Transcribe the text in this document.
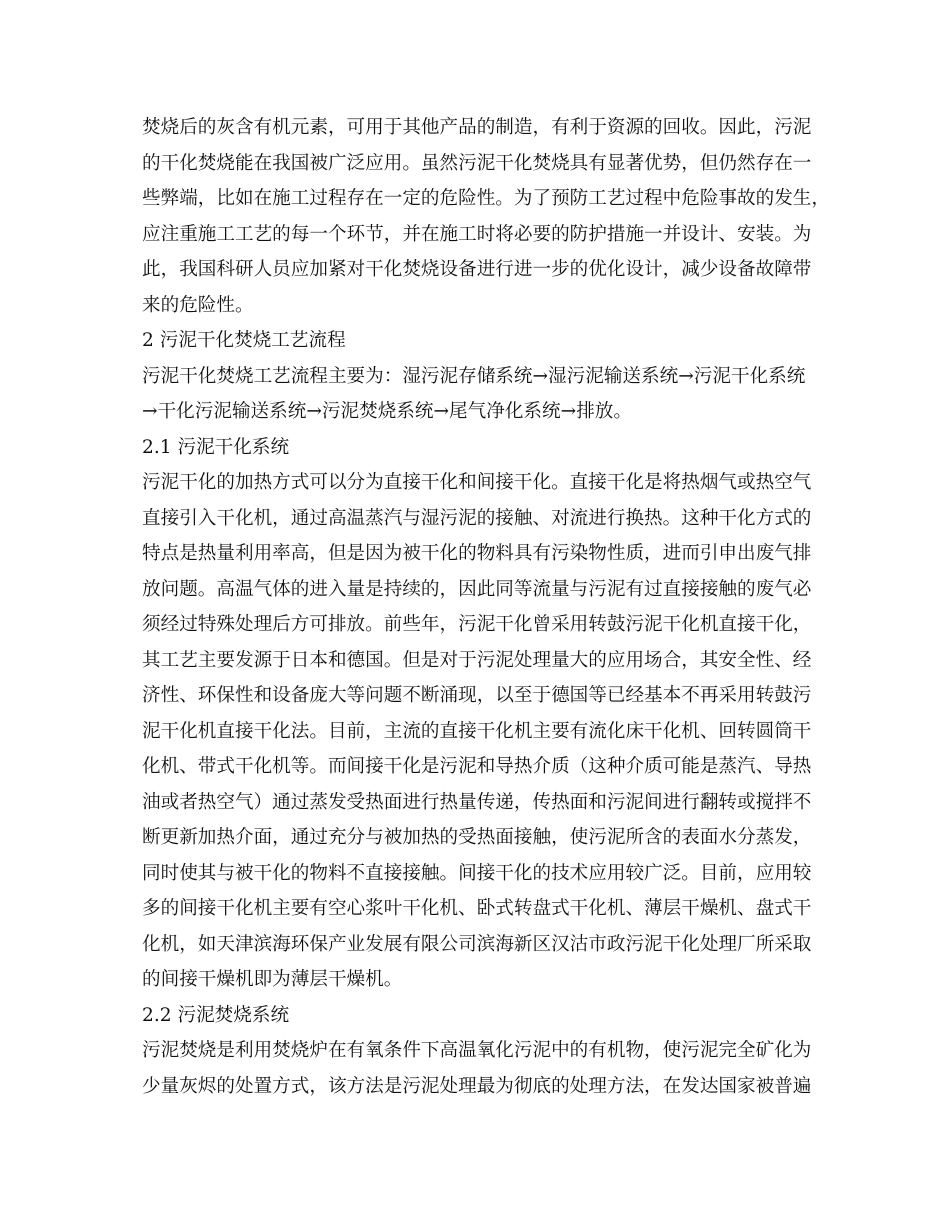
焚烧后的灰含有机元素，可用于其他产品的制造，有利于资源的回收。因此，污泥
的干化焚烧能在我国被广泛应用。虽然污泥干化焚烧具有显著优势，但仍然存在一
些弊端，比如在施工过程存在一定的危险性。为了预防工艺过程中危险事故的发生，
应注重施工工艺的每一个环节，并在施工时将必要的防护措施一并设计、安装。为
此，我国科研人员应加紧对干化焚烧设备进行进一步的优化设计，减少设备故障带
来的危险性。
2 污泥干化焚烧工艺流程
污泥干化焚烧工艺流程主要为：湿污泥存储系统→湿污泥输送系统→污泥干化系统
→干化污泥输送系统→污泥焚烧系统→尾气净化系统→排放。
2.1 污泥干化系统
污泥干化的加热方式可以分为直接干化和间接干化。直接干化是将热烟气或热空气
直接引入干化机，通过高温蒸汽与湿污泥的接触、对流进行换热。这种干化方式的
特点是热量利用率高，但是因为被干化的物料具有污染物性质，进而引申出废气排
放问题。高温气体的进入量是持续的，因此同等流量与污泥有过直接接触的废气必
须经过特殊处理后方可排放。前些年，污泥干化曾采用转鼓污泥干化机直接干化，
其工艺主要发源于日本和德国。但是对于污泥处理量大的应用场合，其安全性、经
济性、环保性和设备庞大等问题不断涌现，以至于德国等已经基本不再采用转鼓污
泥干化机直接干化法。目前，主流的直接干化机主要有流化床干化机、回转圆筒干
化机、带式干化机等。而间接干化是污泥和导热介质（这种介质可能是蒸汽、导热
油或者热空气）通过蒸发受热面进行热量传递，传热面和污泥间进行翻转或搅拌不
断更新加热介面，通过充分与被加热的受热面接触，使污泥所含的表面水分蒸发，
同时使其与被干化的物料不直接接触。间接干化的技术应用较广泛。目前，应用较
多的间接干化机主要有空心浆叶干化机、卧式转盘式干化机、薄层干燥机、盘式干
化机，如天津滨海环保产业发展有限公司滨海新区汉沽市政污泥干化处理厂所采取
的间接干燥机即为薄层干燥机。
2.2 污泥焚烧系统
污泥焚烧是利用焚烧炉在有氧条件下高温氧化污泥中的有机物，使污泥完全矿化为
少量灰烬的处置方式，该方法是污泥处理最为彻底的处理方法，在发达国家被普遍
